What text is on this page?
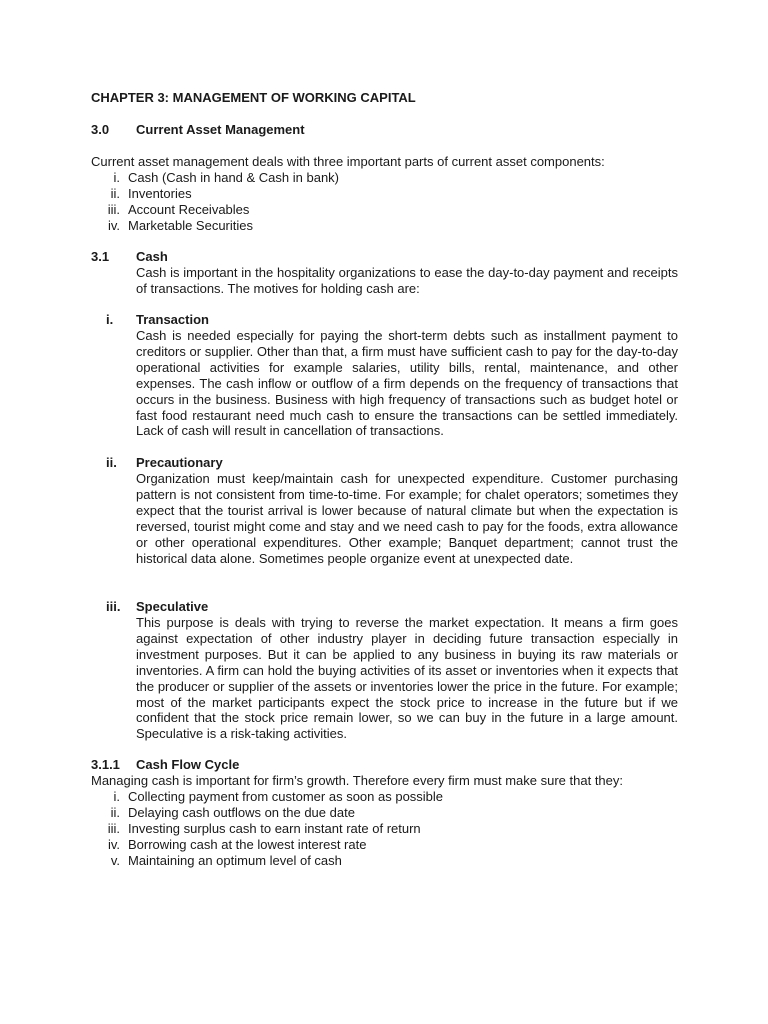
CHAPTER 3: MANAGEMENT OF WORKING CAPITAL
3.0	Current Asset Management
Current asset management deals with three important parts of current asset components:
i. Cash (Cash in hand & Cash in bank)
ii. Inventories
iii. Account Receivables
iv. Marketable Securities
3.1	Cash
Cash is important in the hospitality organizations to ease the day-to-day payment and receipts of transactions. The motives for holding cash are:
i.	Transaction
Cash is needed especially for paying the short-term debts such as installment payment to creditors or supplier. Other than that, a firm must have sufficient cash to pay for the day-to-day operational activities for example salaries, utility bills, rental, maintenance, and other expenses. The cash inflow or outflow of a firm depends on the frequency of transactions that occurs in the business. Business with high frequency of transactions such as budget hotel or fast food restaurant need much cash to ensure the transactions can be settled immediately. Lack of cash will result in cancellation of transactions.
ii.	Precautionary
Organization must keep/maintain cash for unexpected expenditure. Customer purchasing pattern is not consistent from time-to-time. For example; for chalet operators; sometimes they expect that the tourist arrival is lower because of natural climate but when the expectation is reversed, tourist might come and stay and we need cash to pay for the foods, extra allowance or other operational expenditures. Other example; Banquet department; cannot trust the historical data alone. Sometimes people organize event at unexpected date.
iii.	Speculative
This purpose is deals with trying to reverse the market expectation. It means a firm goes against expectation of other industry player in deciding future transaction especially in investment purposes. But it can be applied to any business in buying its raw materials or inventories. A firm can hold the buying activities of its asset or inventories when it expects that the producer or supplier of the assets or inventories lower the price in the future. For example; most of the market participants expect the stock price to increase in the future but if we confident that the stock price remain lower, so we can buy in the future in a large amount. Speculative is a risk-taking activities.
3.1.1	Cash Flow Cycle
Managing cash is important for firm’s growth. Therefore every firm must make sure that they:
i. Collecting payment from customer as soon as possible
ii. Delaying cash outflows on the due date
iii. Investing surplus cash to earn instant rate of return
iv. Borrowing cash at the lowest interest rate
v. Maintaining an optimum level of cash
